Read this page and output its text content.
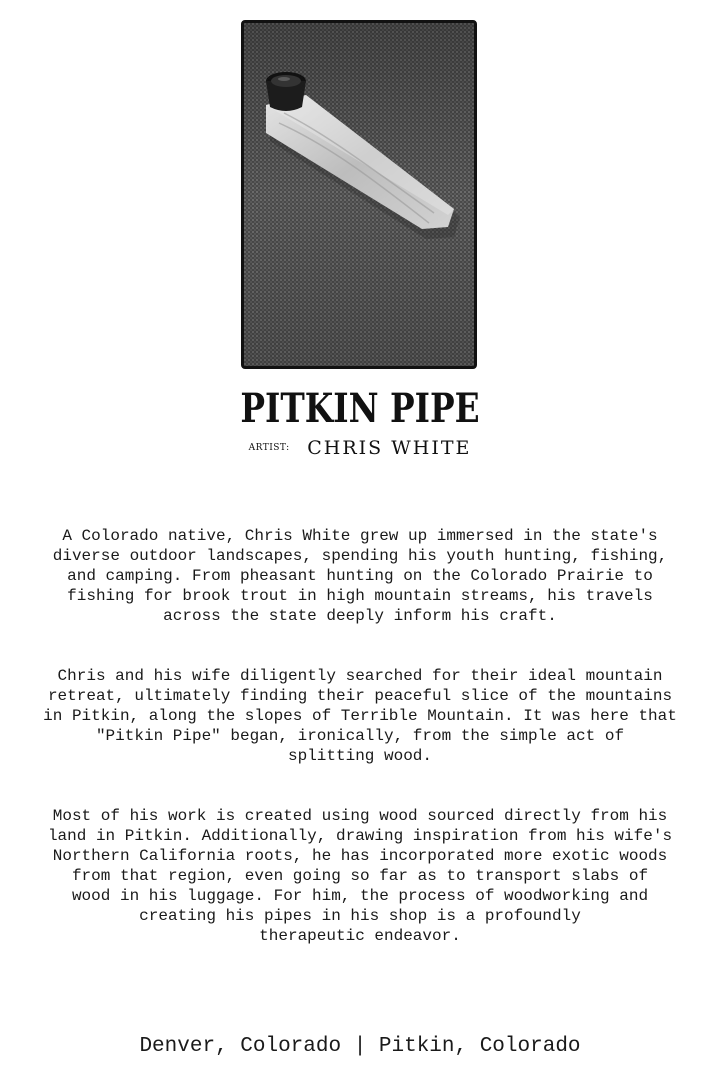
PITKIN PIPE
ARTIST: CHRIS WHITE

A Colorado native, Chris White grew up immersed in the state's
diverse outdoor landscapes, spending his youth hunting, fishing,
and camping. From pheasant hunting on the Colorado Prairie to
fishing for brook trout in high mountain streams, his travels
across the state deeply inform his craft.

Chris and his wife diligently searched for their ideal mountain
retreat, ultimately finding their peaceful slice of the mountains
in Pitkin, along the slopes of Terrible Mountain. It was here that
"Pitkin Pipe" began, ironically, from the simple act of
splitting wood.

Most of his work is created using wood sourced directly from his
land in Pitkin. Additionally, drawing inspiration from his wife's
Northern California roots, he has incorporated more exotic woods
from that region, even going so far as to transport slabs of
wood in his luggage. For him, the process of woodworking and
creating his pipes in his shop is a profoundly
therapeutic endeavor.

Denver, Colorado | Pitkin, Colorado
